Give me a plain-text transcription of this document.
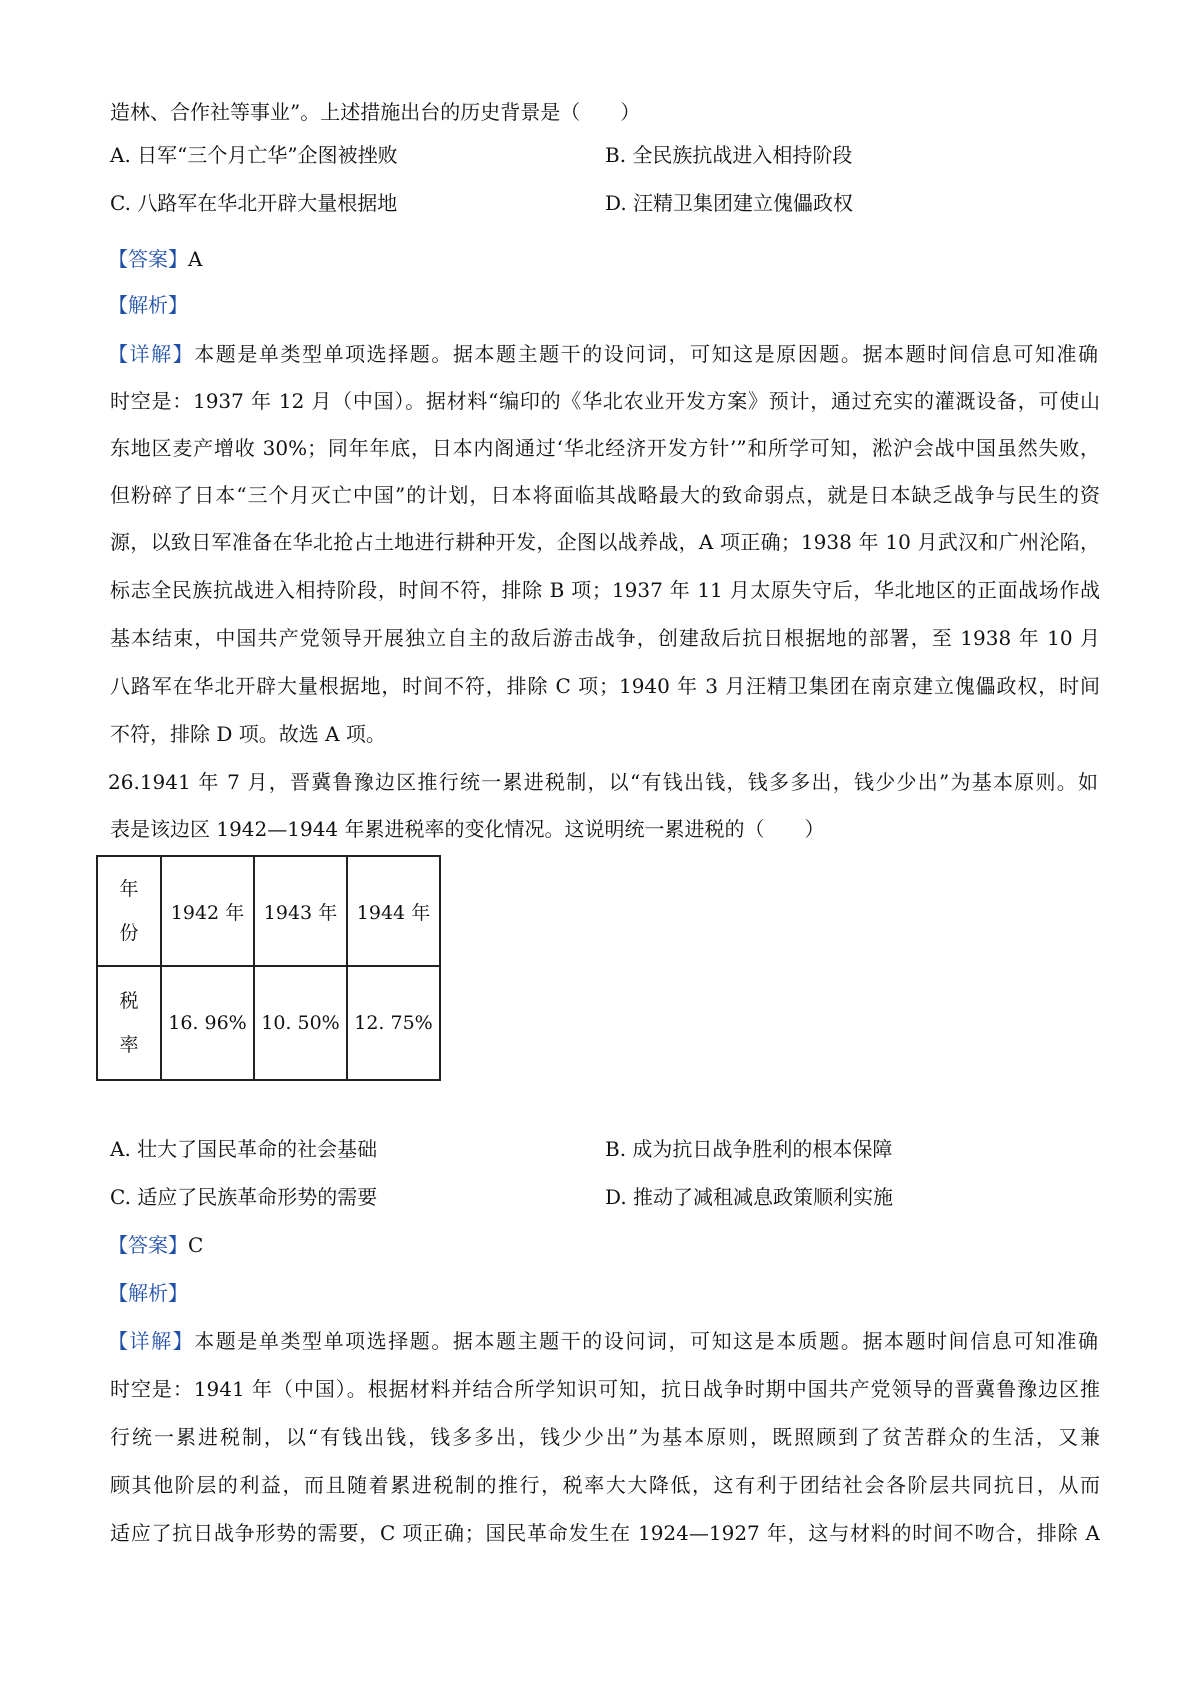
造林、合作社等事业”。上述措施出台的历史背景是（　　）
A. 日军“三个月亡华”企图被挫败	B. 全民族抗战进入相持阶段
C. 八路军在华北开辟大量根据地	D. 汪精卫集团建立傀儡政权
【答案】A
【解析】
【详解】本题是单类型单项选择题。据本题主题干的设问词，可知这是原因题。据本题时间信息可知准确
时空是：1937 年 12 月（中国）。据材料“编印的《华北农业开发方案》预计，通过充实的灌溉设备，可使山
东地区麦产增收 30%；同年年底，日本内阁通过‘华北经济开发方针’”和所学可知，淞沪会战中国虽然失败，
但粉碎了日本“三个月灭亡中国”的计划，日本将面临其战略最大的致命弱点，就是日本缺乏战争与民生的资
源，以致日军准备在华北抢占土地进行耕种开发，企图以战养战，A 项正确；1938 年 10 月武汉和广州沦陷，
标志全民族抗战进入相持阶段，时间不符，排除 B 项；1937 年 11 月太原失守后，华北地区的正面战场作战
基本结束，中国共产党领导开展独立自主的敌后游击战争，创建敌后抗日根据地的部署，至 1938 年 10 月
八路军在华北开辟大量根据地，时间不符，排除 C 项；1940 年 3 月汪精卫集团在南京建立傀儡政权，时间
不符，排除 D 项。故选 A 项。
26.1941 年 7 月，晋冀鲁豫边区推行统一累进税制，以“有钱出钱，钱多多出，钱少少出”为基本原则。如
表是该边区 1942—1944 年累进税率的变化情况。这说明统一累进税的（　　）
年份	1942 年	1943 年	1944 年
税率	16. 96%	10. 50%	12. 75%
A. 壮大了国民革命的社会基础	B. 成为抗日战争胜利的根本保障
C. 适应了民族革命形势的需要	D. 推动了减租减息政策顺利实施
【答案】C
【解析】
【详解】本题是单类型单项选择题。据本题主题干的设问词，可知这是本质题。据本题时间信息可知准确
时空是：1941 年（中国）。根据材料并结合所学知识可知，抗日战争时期中国共产党领导的晋冀鲁豫边区推
行统一累进税制，以“有钱出钱，钱多多出，钱少少出”为基本原则，既照顾到了贫苦群众的生活，又兼
顾其他阶层的利益，而且随着累进税制的推行，税率大大降低，这有利于团结社会各阶层共同抗日，从而
适应了抗日战争形势的需要，C 项正确；国民革命发生在 1924—1927 年，这与材料的时间不吻合，排除 A
